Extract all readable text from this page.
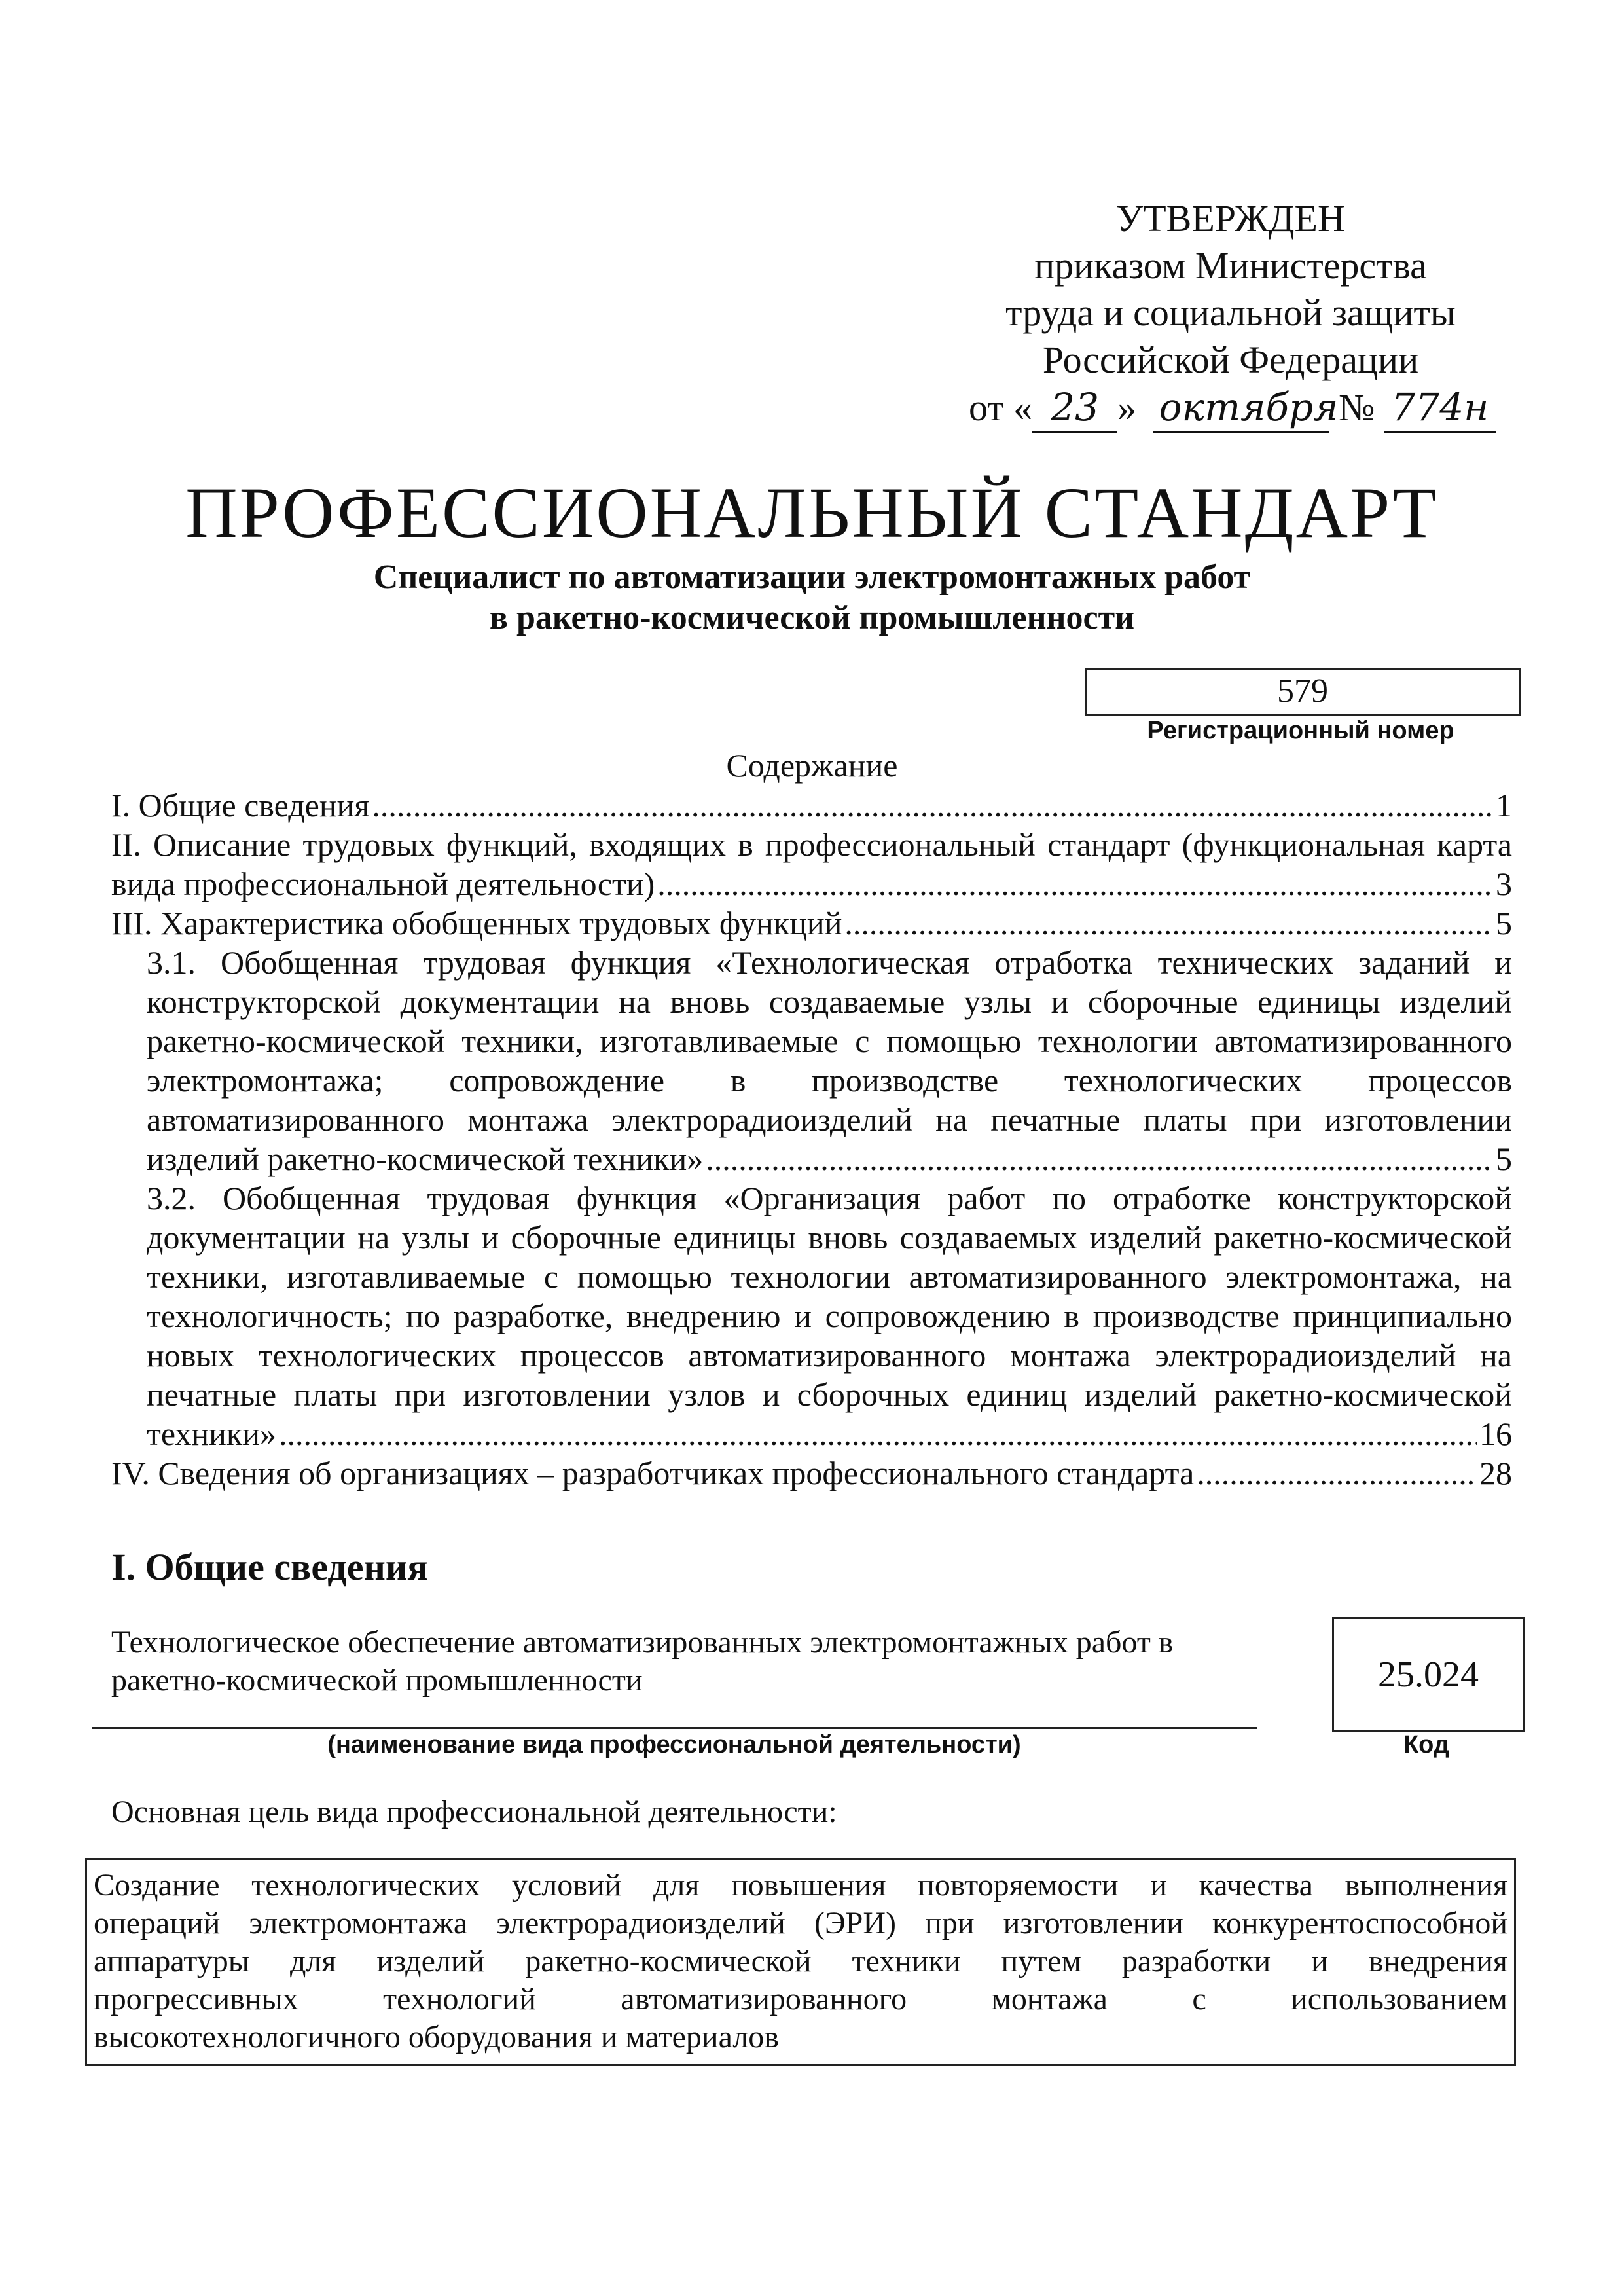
УТВЕРЖДЕН
приказом Министерства
труда и социальной защиты
Российской Федерации
от « 23 » октября № 774н
ПРОФЕССИОНАЛЬНЫЙ СТАНДАРТ
Специалист по автоматизации электромонтажных работ
в ракетно-космической промышленности
579
Регистрационный номер
Содержание
I. Общие сведения .....	1
II. Описание трудовых функций, входящих в профессиональный стандарт (функциональная карта
вида профессиональной деятельности) .....	3
III. Характеристика обобщенных трудовых функций .....	5
3.1. Обобщенная трудовая функция «Технологическая отработка технических заданий и
конструкторской документации на вновь создаваемые узлы и сборочные единицы изделий
ракетно-космической техники, изготавливаемые с помощью технологии автоматизированного
электромонтажа; сопровождение в производстве технологических процессов
автоматизированного монтажа электрорадиоизделий на печатные платы при изготовлении
изделий ракетно-космической техники» .....	5
3.2. Обобщенная трудовая функция «Организация работ по отработке конструкторской
документации на узлы и сборочные единицы вновь создаваемых изделий ракетно-космической
техники, изготавливаемые с помощью технологии автоматизированного электромонтажа, на
технологичность; по разработке, внедрению и сопровождению в производстве принципиально
новых технологических процессов автоматизированного монтажа электрорадиоизделий на
печатные платы при изготовлении узлов и сборочных единиц изделий ракетно-космической
техники» .....	16
IV. Сведения об организациях – разработчиках профессионального стандарта .....	28
I. Общие сведения
Технологическое обеспечение автоматизированных электромонтажных работ в
ракетно-космической промышленности
(наименование вида профессиональной деятельности)
25.024
Код
Основная цель вида профессиональной деятельности:
Создание технологических условий для повышения повторяемости и качества выполнения
операций электромонтажа электрорадиоизделий (ЭРИ) при изготовлении конкурентоспособной
аппаратуры для изделий ракетно-космической техники путем разработки и внедрения
прогрессивных технологий автоматизированного монтажа с использованием
высокотехнологичного оборудования и материалов
